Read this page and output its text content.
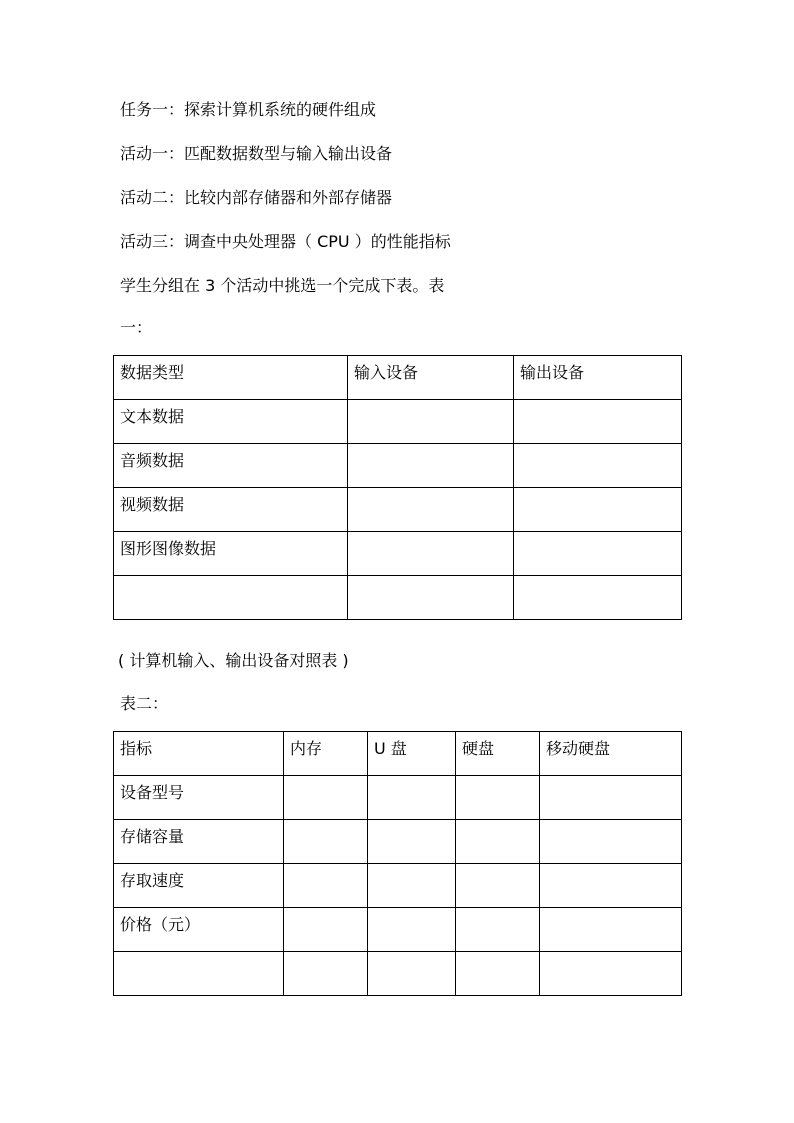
任务一：探索计算机系统的硬件组成
活动一：匹配数据数型与输入输出设备
活动二：比较内部存储器和外部存储器
活动三：调查中央处理器（ CPU ）的性能指标
学生分组在 3 个活动中挑选一个完成下表。表
一：
数据类型	输入设备	输出设备
文本数据		
音频数据		
视频数据		
图形图像数据		

( 计算机输入、输出设备对照表 )
表二：
指标	内存	U 盘	硬盘	移动硬盘
设备型号				
存储容量				
存取速度				
价格（元）				
